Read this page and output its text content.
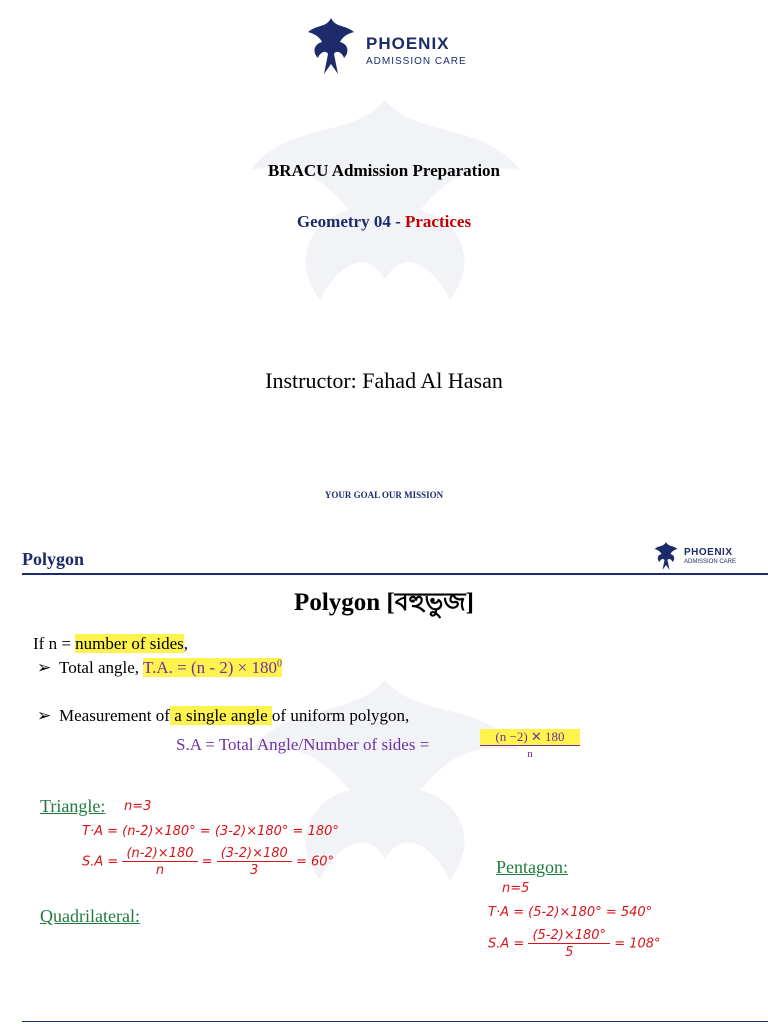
PHOENIX
ADMISSION CARE
BRACU Admission Preparation
Geometry 04 - Practices
Instructor: Fahad Al Hasan
YOUR GOAL OUR MISSION
Polygon	PHOENIX
ADMISSION CARE
Polygon [বহুভুজ]
If n = number of sides,
➢ Total angle, T.A. = $(n - 2) \times 180^0$
➢ Measurement of a single angle of uniform polygon,
S.A = Total Angle/Number of sides =	(n −2) ✕ 180
n
Triangle:
Quadrilateral:
Pentagon:
n=3
T·A = (n-2)×180° = (3-2)×180° = 180°
$S.A = \frac{(n-2)\times 180}{n} = \frac{(3-2)\times 180}{3} = 60^\circ$
n=5
T·A = (5-2)×180° = 540°
$S.A = \frac{(5-2)\times 180^\circ}{5} = 108^\circ$
